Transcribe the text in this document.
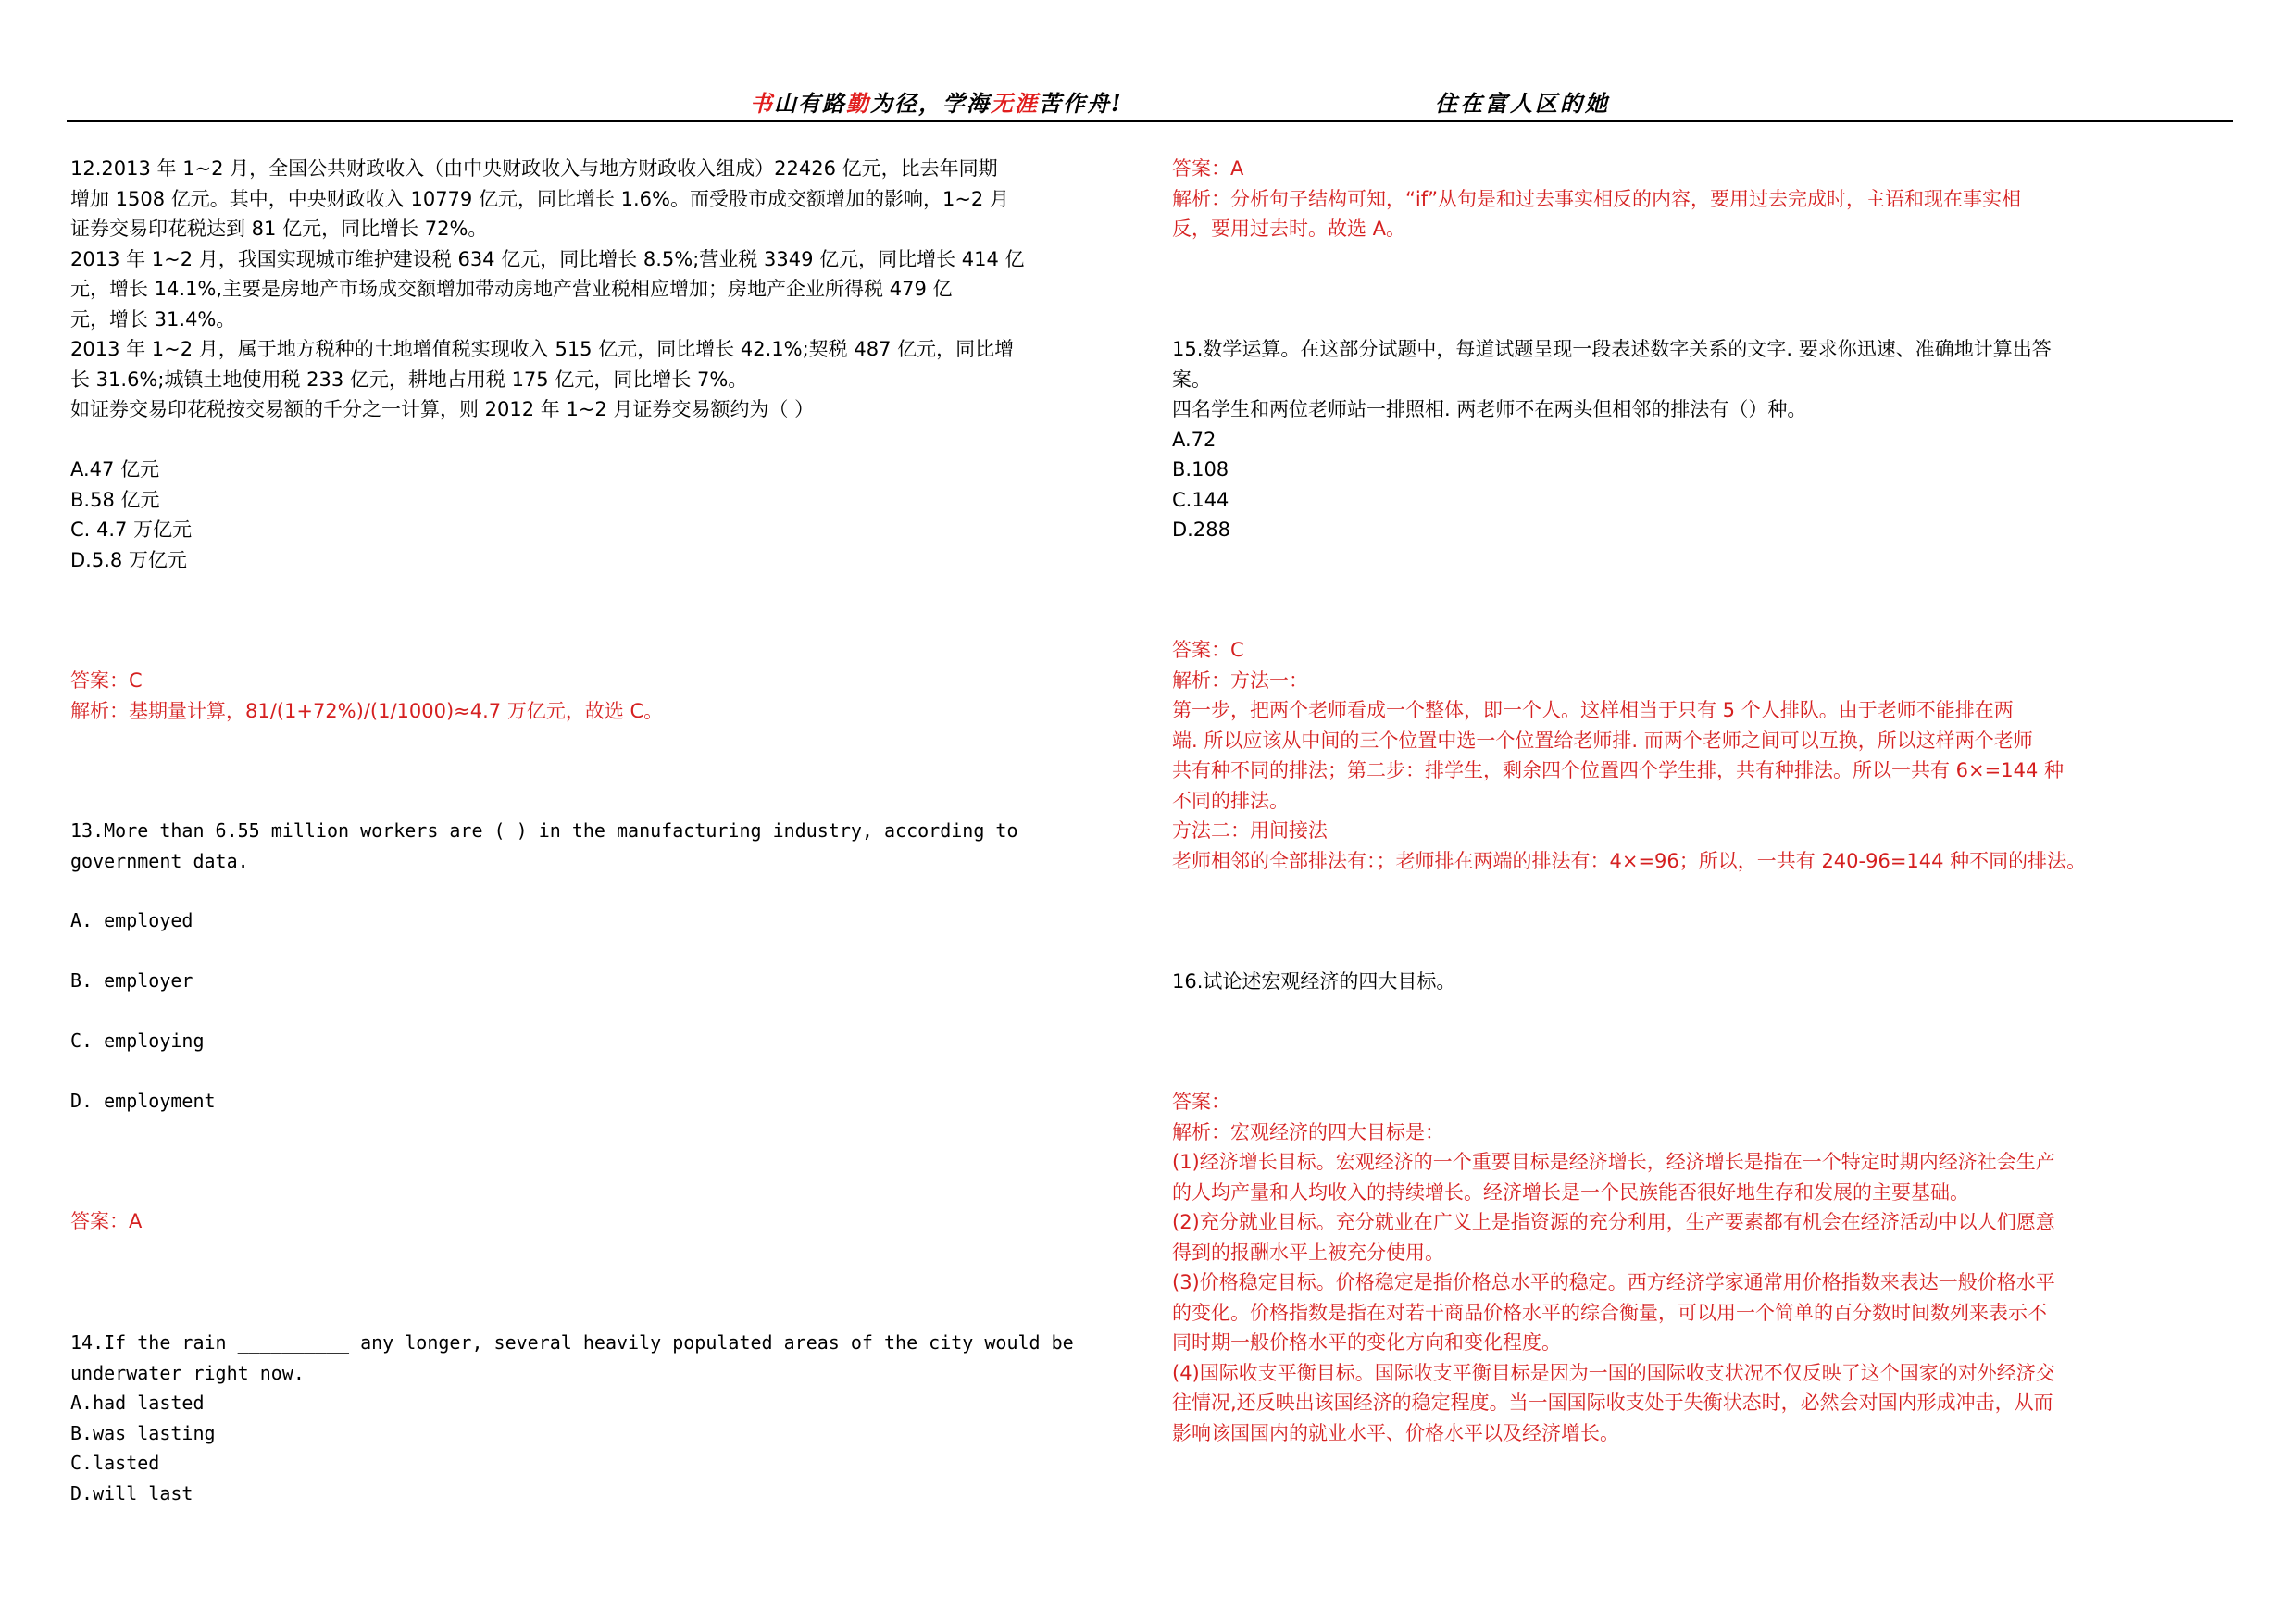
书山有路勤为径，学海无涯苦作舟!	住在富人区的她
12.2013 年 1~2 月，全国公共财政收入（由中央财政收入与地方财政收入组成）22426 亿元，比去年同期
增加 1508 亿元。其中，中央财政收入 10779 亿元，同比增长 1.6%。而受股市成交额增加的影响，1~2 月
证券交易印花税达到 81 亿元，同比增长 72%。
2013 年 1~2 月，我国实现城市维护建设税 634 亿元，同比增长 8.5%;营业税 3349 亿元，同比增长 414 亿
元，增长 14.1%,主要是房地产市场成交额增加带动房地产营业税相应增加；房地产企业所得税 479 亿
元，增长 31.4%。
2013 年 1~2 月，属于地方税种的土地增值税实现收入 515 亿元，同比增长 42.1%;契税 487 亿元，同比增
长 31.6%;城镇土地使用税 233 亿元，耕地占用税 175 亿元，同比增长 7%。
如证券交易印花税按交易额的千分之一计算，则 2012 年 1~2 月证券交易额约为（ ）
A.47 亿元
B.58 亿元
C. 4.7 万亿元
D.5.8 万亿元
答案：C
解析：基期量计算，81/(1+72%)/(1/1000)≈4.7 万亿元，故选 C。
13.More than 6.55 million workers are ( ) in the manufacturing industry, according to
government data.
A. employed
B. employer
C. employing
D. employment
答案：A
14.If the rain __________ any longer, several heavily populated areas of the city would be
underwater right now.
A.had lasted
B.was lasting
C.lasted
D.will last
答案：A
解析：分析句子结构可知，“if”从句是和过去事实相反的内容，要用过去完成时，主语和现在事实相
反，要用过去时。故选 A。
15.数学运算。在这部分试题中，每道试题呈现一段表述数字关系的文字. 要求你迅速、准确地计算出答
案。
四名学生和两位老师站一排照相. 两老师不在两头但相邻的排法有（）种。
A.72
B.108
C.144
D.288
答案：C
解析：方法一：
第一步，把两个老师看成一个整体，即一个人。这样相当于只有 5 个人排队。由于老师不能排在两
端. 所以应该从中间的三个位置中选一个位置给老师排. 而两个老师之间可以互换，所以这样两个老师
共有种不同的排法；第二步：排学生，剩余四个位置四个学生排，共有种排法。所以一共有 6×=144 种
不同的排法。
方法二：用间接法
老师相邻的全部排法有：；老师排在两端的排法有：4×=96；所以，一共有 240-96=144 种不同的排法。
16.试论述宏观经济的四大目标。
答案：
解析：宏观经济的四大目标是：
(1)经济增长目标。宏观经济的一个重要目标是经济增长，经济增长是指在一个特定时期内经济社会生产
的人均产量和人均收入的持续增长。经济增长是一个民族能否很好地生存和发展的主要基础。
(2)充分就业目标。充分就业在广义上是指资源的充分利用，生产要素都有机会在经济活动中以人们愿意
得到的报酬水平上被充分使用。
(3)价格稳定目标。价格稳定是指价格总水平的稳定。西方经济学家通常用价格指数来表达一般价格水平
的变化。价格指数是指在对若干商品价格水平的综合衡量，可以用一个简单的百分数时间数列来表示不
同时期一般价格水平的变化方向和变化程度。
(4)国际收支平衡目标。国际收支平衡目标是因为一国的国际收支状况不仅反映了这个国家的对外经济交
往情况,还反映出该国经济的稳定程度。当一国国际收支处于失衡状态时，必然会对国内形成冲击，从而
影响该国国内的就业水平、价格水平以及经济增长。
